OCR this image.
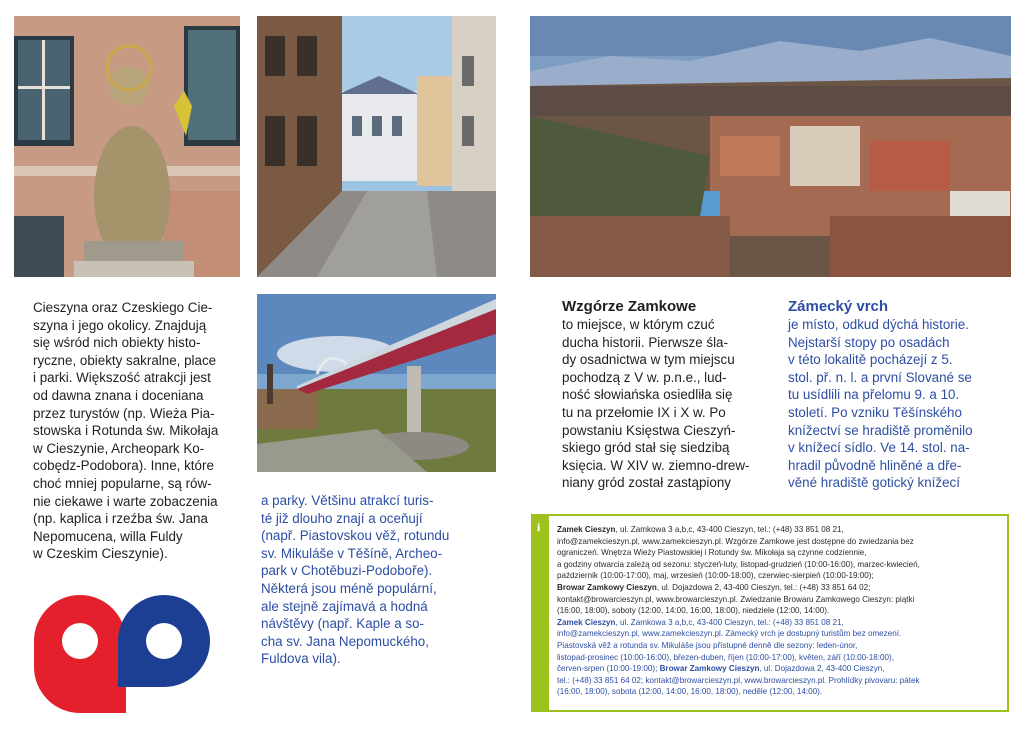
Cieszyna oraz Czeskiego Cie-
szyna i jego okolicy. Znajdują
się wśród nich obiekty histo-
ryczne, obiekty sakralne, place
i parki. Większość atrakcji jest
od dawna znana i doceniana
przez turystów (np. Wieża Pia-
stowska i Rotunda św. Mikołaja
w Cieszynie, Archeopark Ko-
cobędz-Podobora). Inne, które
choć mniej popularne, są rów-
nie ciekawe i warte zobaczenia
(np. kaplica i rzeźba św. Jana
Nepomucena, willa Fuldy
w Czeskim Cieszynie).
a parky. Většinu atrakcí turis-
té již dlouho znají a oceňují
(např. Piastovskou věž, rotundu
sv. Mikuláše v Těšíně, Archeo-
park v Chotěbuzi-Podoboře).
Některá jsou méně populární,
ale stejně zajímavá a hodná
návštěvy (např. Kaple a so-
cha sv. Jana Nepomuckého,
Fuldova vila).
Wzgórze Zamkowe
to miejsce, w którym czuć
ducha historii. Pierwsze śla-
dy osadnictwa w tym miejscu
pochodzą z V w. p.n.e., lud-
ność słowiańska osiedliła się
tu na przełomie IX i X w. Po
powstaniu Księstwa Cieszyń-
skiego gród stał się siedzibą
księcia. W XIV w. ziemno-drew-
niany gród został zastąpiony
Zámecký vrch
je místo, odkud dýchá historie.
Nejstarší stopy po osadách
v této lokalitě pocházejí z 5.
stol. př. n. l. a první Slované se
tu usídlili na přelomu 9. a 10.
století. Po vzniku Těšínského
knížectví se hradiště proměnilo
v knížecí sídlo. Ve 14. stol. na-
hradil původně hliněné a dře-
věné hradiště gotický knížecí
i Zamek Cieszyn, ul. Zamkowa 3 a,b,c, 43-400 Cieszyn, tel.: (+48) 33 851 08 21,
info@zamekcieszyn.pl, www.zamekcieszyn.pl. Wzgórze Zamkowe jest dostępne do zwiedzania bez
ograniczeń. Wnętrza Wieży Piastowskiej i Rotundy św. Mikołaja są czynne codziennie,
a godziny otwarcia zależą od sezonu: styczeń-luty, listopad-grudzień (10:00-16:00), marzec-kwiecień,
październik (10:00-17:00), maj, wrzesień (10:00-18:00), czerwiec-sierpień (10:00-19:00);
Browar Zamkowy Cieszyn, ul. Dojazdowa 2, 43-400 Cieszyn, tel.: (+48) 33 851 64 02;
kontakt@browarcieszyn.pl, www.browarcieszyn.pl. Zwiedzanie Browaru Zamkowego Cieszyn: piątki
(16:00, 18:00), soboty (12:00, 14:00, 16:00, 18:00), niedziele (12:00, 14:00).
Zamek Cieszyn, ul. Zamkowa 3 a,b,c, 43-400 Cieszyn, tel.: (+48) 33 851 08 21,
info@zamekcieszyn.pl, www.zamekcieszyn.pl. Zámecký vrch je dostupný turistům bez omezení.
Piastovská věž a rotunda sv. Mikuláše jsou přístupné denně dle sezony: leden-únor,
listopad-prosinec (10:00-16:00), březen-duben, říjen (10:00-17:00), květen, září (10:00-18:00),
červen-srpen (10:00-19:00); Browar Zamkowy Cieszyn, ul. Dojazdowa 2, 43-400 Cieszyn,
tel.: (+48) 33 851 64 02; kontakt@browarcieszyn.pl, www.browarcieszyn.pl. Prohlídky pivovaru: pátek
(16:00, 18:00), sobota (12:00, 14:00, 16:00, 18:00), neděle (12:00, 14:00).
